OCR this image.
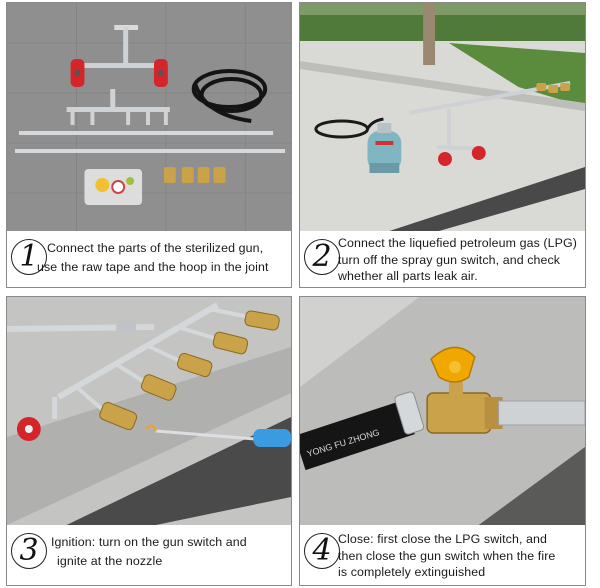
1 Connect the parts of the sterilized gun,
use the raw tape and the hoop in the joint	2 Connect the liquefied petroleum gas (LPG)
turn off the spray gun switch, and check
whether all parts leak air.
3	Ignition: turn on the gun switch and
ignite at the nozzle
YONG FU ZHONG
4 Close: first close the LPG switch, and
then close the gun switch when the fire
is completely extinguished
